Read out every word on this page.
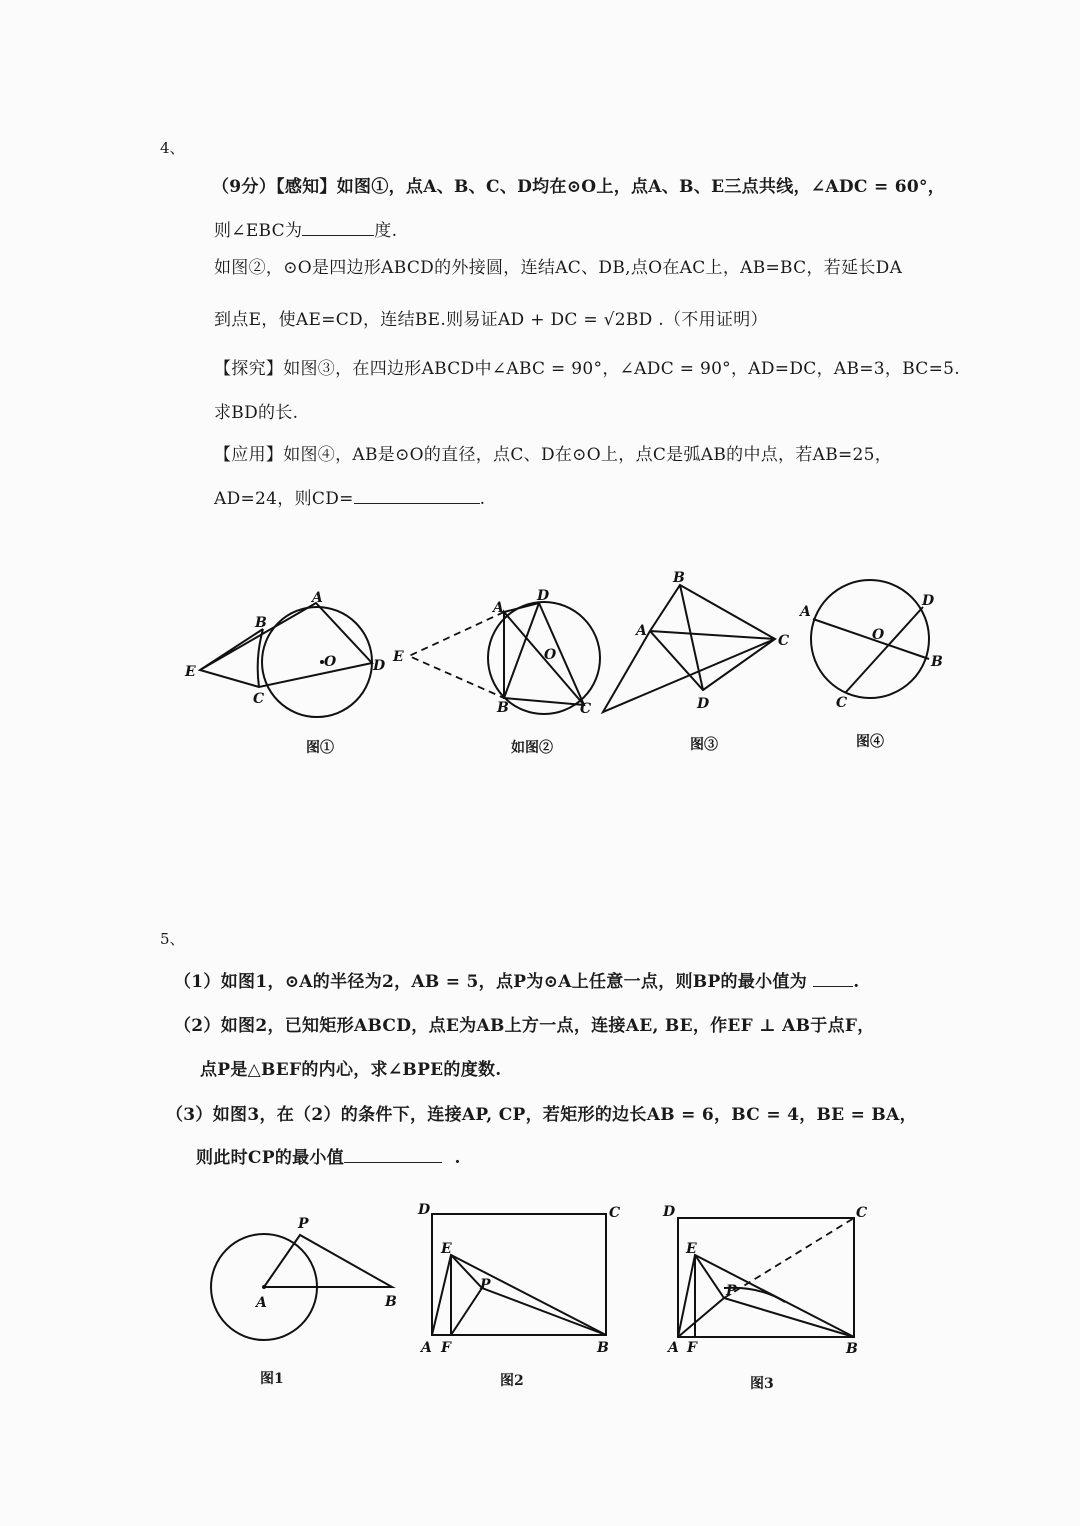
4、
（9分）【感知】如图①，点A、B、C、D均在⊙O上，点A、B、E三点共线，∠ADC = 60°，
则∠EBC为	度.
如图②，⊙O是四边形ABCD的外接圆，连结AC、DB,点O在AC上，AB=BC，若延长DA
到点E，使AE=CD，连结BE.则易证AD + DC = √2BD .（不用证明）
【探究】如图③，在四边形ABCD中∠ABC = 90°，∠ADC = 90°，AD=DC，AB=3，BC=5.
求BD的长.
【应用】如图④，AB是⊙O的直径，点C、D在⊙O上，点C是弧AB的中点，若AB=25，
AD=24，则CD=	.
A
B
C
D
E
O
A
B	C
D
E	O
B
A
C
D
A
B
C
D
O
图①	如图②	图③	图④
5、
（1）如图1，⊙A的半径为2，AB = 5，点P为⊙A上任意一点，则BP的最小值为	.
（2）如图2，已知矩形ABCD，点E为AB上方一点，连接AE, BE，作EF ⊥ AB于点F，
点P是△BEF的内心，求∠BPE的度数.
（3）如图3，在（2）的条件下，连接AP, CP，若矩形的边长AB = 6，BC = 4，BE = BA，
则此时CP的最小值	.
A	B
P
D	C
E
P
A F	B
D	C
E
P
A F	B
图1	图2	图3
